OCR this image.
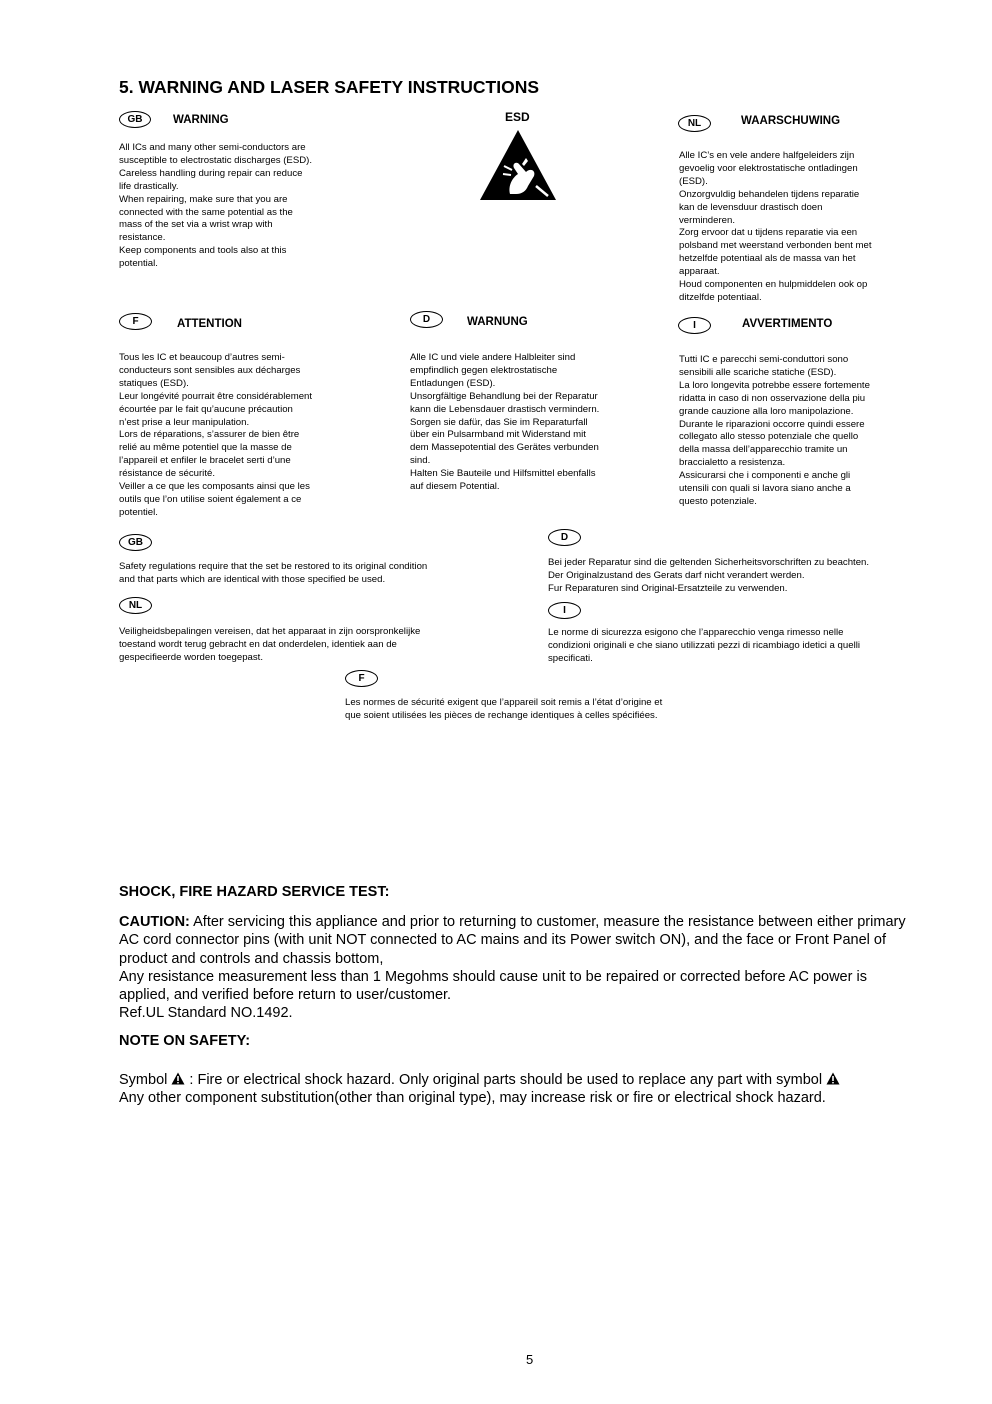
5. WARNING AND LASER SAFETY INSTRUCTIONS
GB	WARNING

All ICs and many other semi-conductors are

susceptible to electrostatic discharges (ESD).

Careless handling during repair can reduce

life drastically.

When repairing, make sure that you are

connected with the same potential as the

mass of the set via a wrist wrap with

resistance.

Keep components and tools also at this

potential.

ESD	NL	WAARSCHUWING

Alle IC’s en vele andere halfgeleiders zijn

gevoelig voor elektrostatische ontladingen

(ESD).

Onzorgvuldig behandelen tijdens reparatie

kan de levensduur drastisch doen

verminderen.

Zorg ervoor dat u tijdens reparatie via een

polsband met weerstand verbonden bent met

hetzelfde potentiaal als de massa van het

apparaat.

Houd componenten en hulpmiddelen ook op

ditzelfde potentiaal.

F	ATTENTION

Tous les IC et beaucoup d’autres semi-

conducteurs sont sensibles aux décharges

statiques (ESD).

Leur longévité pourrait être considérablement

écourtée par le fait qu’aucune précaution

n’est prise a leur manipulation.

Lors de réparations, s’assurer de bien être

relié au même potentiel que la masse de

l’appareil et enfiler le bracelet serti d’une

résistance de sécurité.

Veiller a ce que les composants ainsi que les

outils que l’on utilise soient également a ce

potentiel.

D	WARNUNG

Alle IC und viele andere Halbleiter sind

empfindlich gegen elektrostatische

Entladungen (ESD).

Unsorgfältige Behandlung bei der Reparatur

kann die Lebensdauer drastisch vermindern.

Sorgen sie dafür, das Sie im Reparaturfall

über ein Pulsarmband mit Widerstand mit

dem Massepotential des Gerätes verbunden

sind.

Halten Sie Bauteile und Hilfsmittel ebenfalls

auf diesem Potential.

I	AVVERTIMENTO

Tutti IC e parecchi semi-conduttori sono

sensibili alle scariche statiche (ESD).

La loro longevita potrebbe essere fortemente

ridatta in caso di non osservazione della piu

grande cauzione alla loro manipolazione.

Durante le riparazioni occorre quindi essere

collegato allo stesso potenziale che quello

della massa dell’apparecchio tramite un

braccialetto a resistenza.

Assicurarsi che i componenti e anche gli

utensili con quali si lavora siano anche a

questo potenziale.

GB

Safety regulations require that the set be restored to its original condition

and that parts which are identical with those specified be used.

NL

Veiligheidsbepalingen vereisen, dat het apparaat in zijn oorspronkelijke

toestand wordt terug gebracht en dat onderdelen, identiek aan de

gespecifieerde worden toegepast.

D

Bei jeder Reparatur sind die geltenden Sicherheitsvorschriften zu beachten.

Der Originalzustand des Gerats darf nicht verandert werden.

Fur Reparaturen sind Original-Ersatzteile zu verwenden.

I

Le norme di sicurezza esigono che l’apparecchio venga rimesso nelle

condizioni originali e che siano utilizzati pezzi di ricambiago idetici a quelli

specificati.

F

Les normes de sécurité exigent que l’appareil soit remis a l’état d’origine et

que soient utilisées les pièces de rechange identiques à celles spécifiées.

SHOCK, FIRE HAZARD SERVICE TEST:

CAUTION: After servicing this appliance and prior to returning to customer, measure the resistance between either primary AC cord connector pins (with unit NOT connected to AC mains and its Power switch ON), and the face or Front Panel of product and controls and chassis bottom,

Any resistance measurement less than 1 Megohms should cause unit to be repaired or corrected before AC power is applied, and verified before return to user/customer.

Ref.UL Standard NO.1492.

NOTE ON SAFETY:

Symbol  : Fire or electrical shock hazard. Only original parts should be used to replace any part with symbol

Any other component substitution(other than original type), may increase risk or fire or electrical shock hazard.

5
